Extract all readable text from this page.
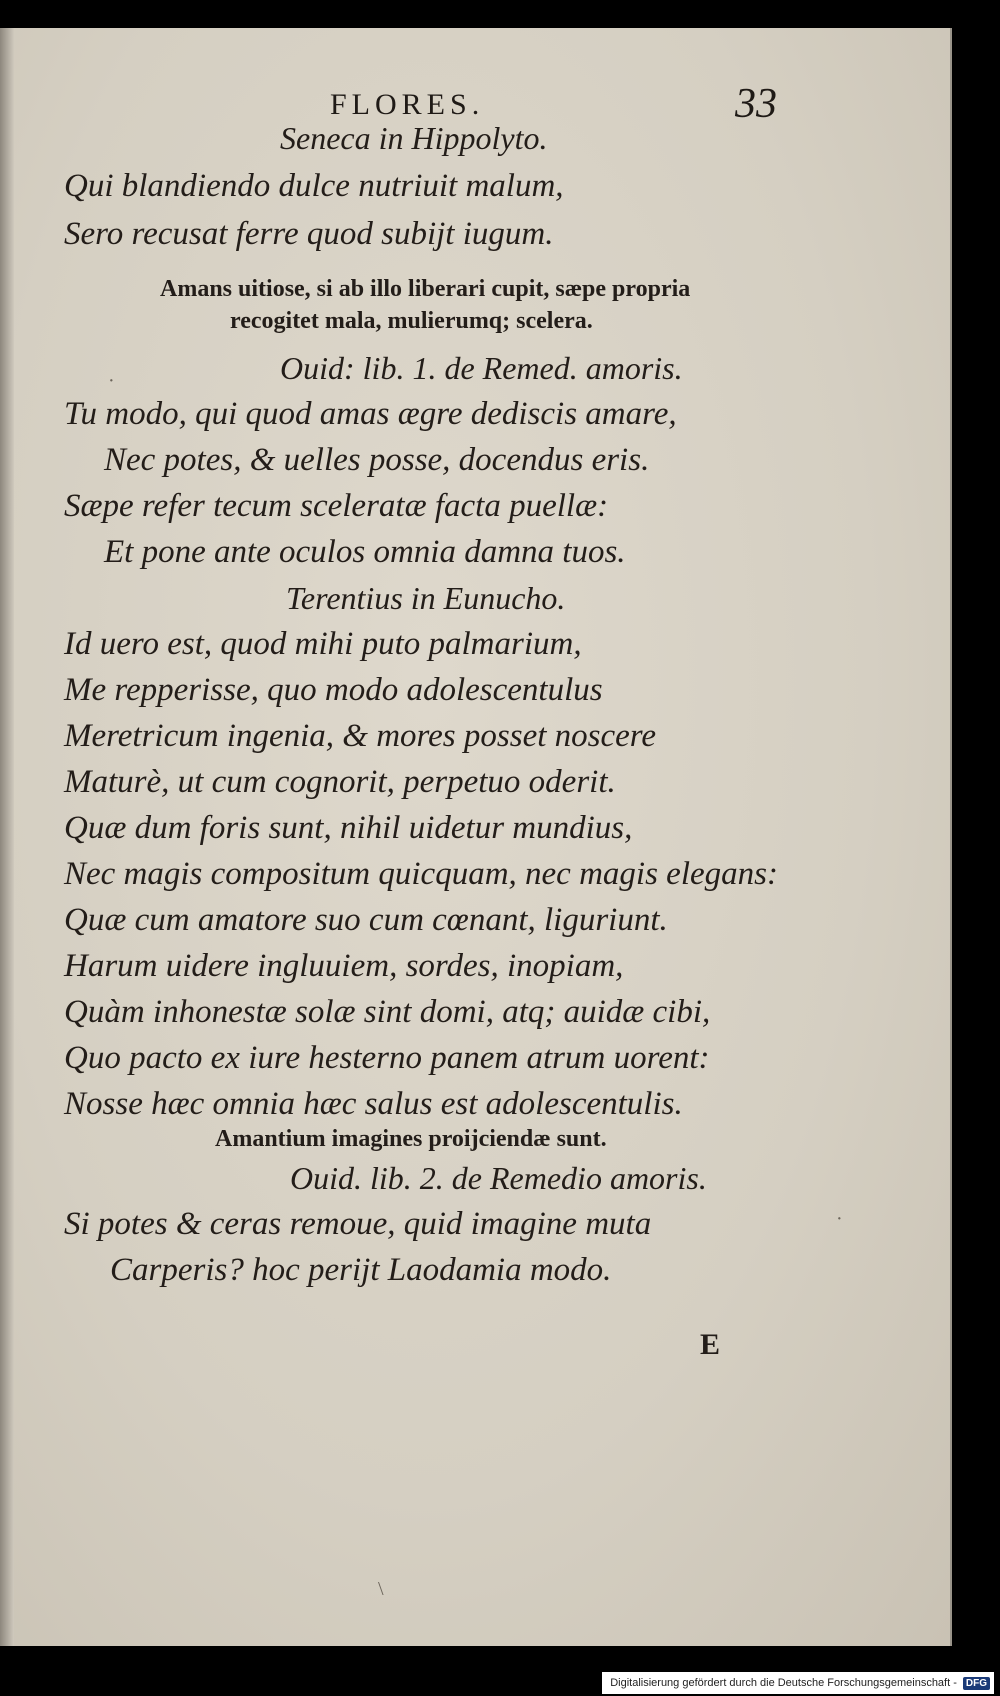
FLORES.	33
Seneca in Hippolyto.
Qui blandiendo dulce nutriuit malum,
Sero recusat ferre quod subijt iugum.
Amans uitiose, si ab illo liberari cupit, sæpe propria
recogitet mala, mulierumq; scelera.
Ouid: lib. 1. de Remed. amoris.
Tu modo, qui quod amas ægre dediscis amare,
Nec potes, & uelles posse, docendus eris.
Sæpe refer tecum sceleratæ facta puellæ:
Et pone ante oculos omnia damna tuos.
Terentius in Eunucho.
Id uero est, quod mihi puto palmarium,
Me repperisse, quo modo adolescentulus
Meretricum ingenia, & mores posset noscere
Maturè, ut cum cognorit, perpetuo oderit.
Quæ dum foris sunt, nihil uidetur mundius,
Nec magis compositum quicquam, nec magis elegans:
Quæ cum amatore suo cum cœnant, liguriunt.
Harum uidere ingluuiem, sordes, inopiam,
Quàm inhonestæ solæ sint domi, atq; auidæ cibi,
Quo pacto ex iure hesterno panem atrum uorent:
Nosse hæc omnia hæc salus est adolescentulis.
Amantium imagines proijciendæ sunt.
Ouid. lib. 2. de Remedio amoris.
Si potes & ceras remoue, quid imagine muta
Carperis? hoc perijt Laodamia modo.
E
·
·
\
Digitalisierung gefördert durch die Deutsche Forschungsgemeinschaft - DFG
